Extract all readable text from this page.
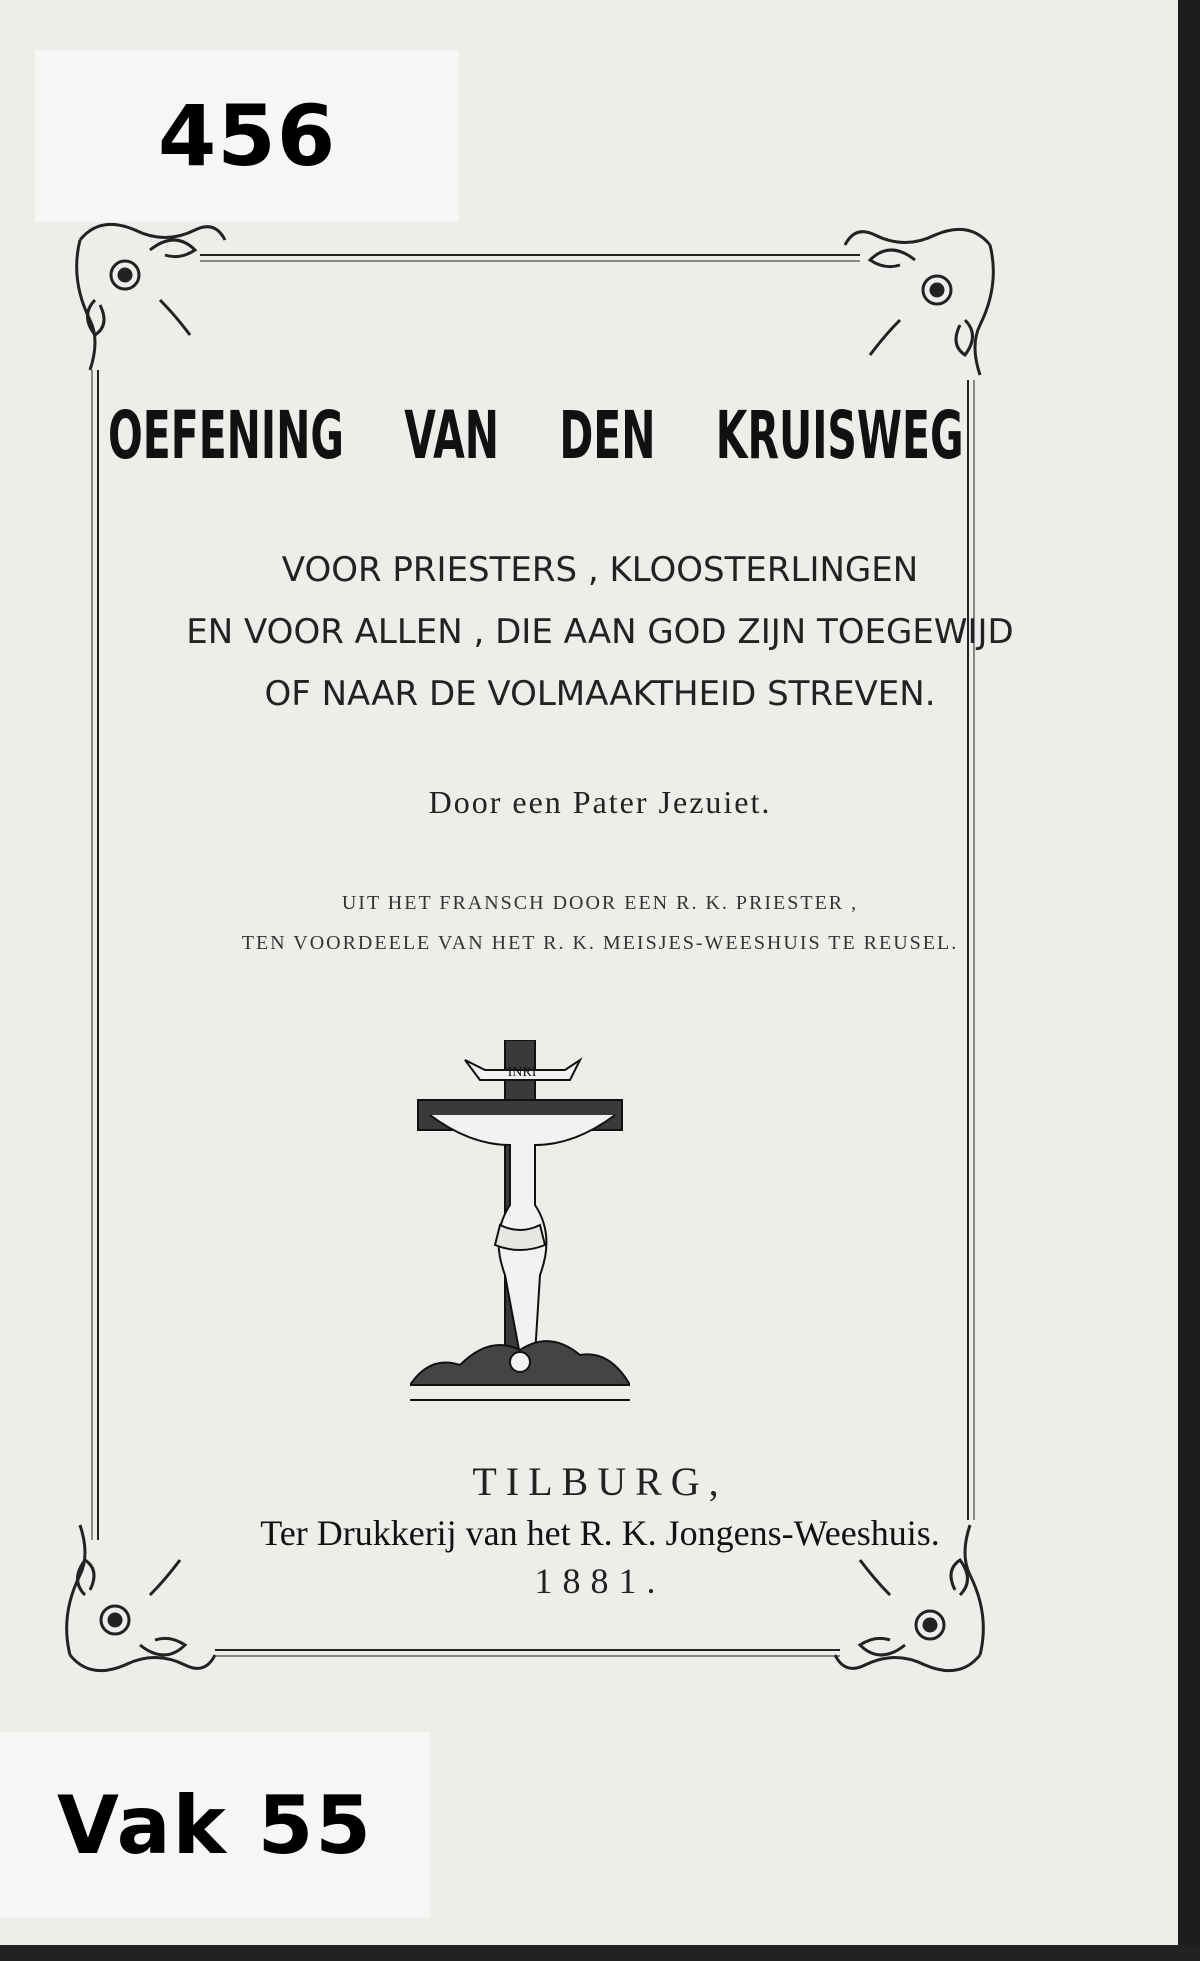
456
OEFENING VAN DEN KRUISWEG
VOOR PRIESTERS , KLOOSTERLINGEN
EN VOOR ALLEN , DIE AAN GOD ZIJN TOEGEWIJD
OF NAAR DE VOLMAAKTHEID STREVEN.
Door een Pater Jezuiet.
UIT HET FRANSCH DOOR EEN R. K. PRIESTER ,
TEN VOORDEELE VAN HET R. K. MEISJES-WEESHUIS TE REUSEL.
INRI
TILBURG,
Ter Drukkerij van het R. K. Jongens-Weeshuis.
1881.
Vak 55
